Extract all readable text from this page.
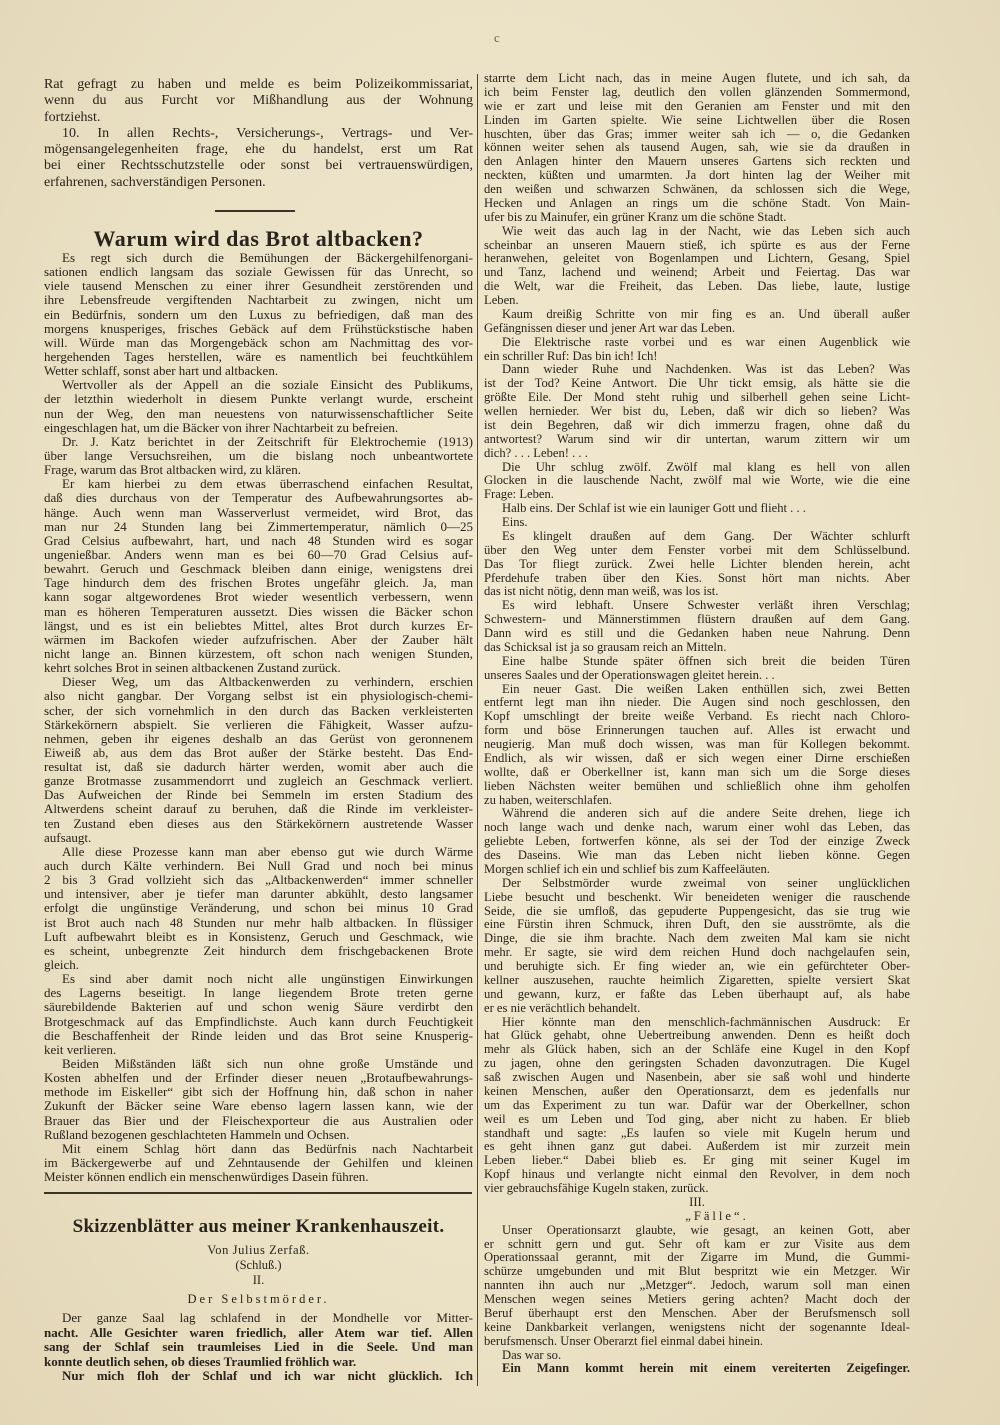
c
Rat gefragt zu haben und melde es beim Polizeikommissariat,
wenn du aus Furcht vor Mißhandlung aus der Wohnung
fortziehst.
10. In allen Rechts-, Versicherungs-, Vertrags- und Ver-
mögensangelegenheiten frage, ehe du handelst, erst um Rat
bei einer Rechtsschutzstelle oder sonst bei vertrauenswürdigen,
erfahrenen, sachverständigen Personen.
Warum wird das Brot altbacken?
Es regt sich durch die Bemühungen der Bäckergehilfenorgani-
sationen endlich langsam das soziale Gewissen für das Unrecht, so
viele tausend Menschen zu einer ihrer Gesundheit zerstörenden und
ihre Lebensfreude vergiftenden Nachtarbeit zu zwingen, nicht um
ein Bedürfnis, sondern um den Luxus zu befriedigen, daß man des
morgens knusperiges, frisches Gebäck auf dem Frühstückstische haben
will. Würde man das Morgengebäck schon am Nachmittag des vor-
hergehenden Tages herstellen, wäre es namentlich bei feuchtkühlem
Wetter schlaff, sonst aber hart und altbacken.
Wertvoller als der Appell an die soziale Einsicht des Publikums,
der letzthin wiederholt in diesem Punkte verlangt wurde, erscheint
nun der Weg, den man neuestens von naturwissenschaftlicher Seite
eingeschlagen hat, um die Bäcker von ihrer Nachtarbeit zu befreien.
Dr. J. Katz berichtet in der Zeitschrift für Elektrochemie (1913)
über lange Versuchsreihen, um die bislang noch unbeantwortete
Frage, warum das Brot altbacken wird, zu klären.
Er kam hierbei zu dem etwas überraschend einfachen Resultat,
daß dies durchaus von der Temperatur des Aufbewahrungsortes ab-
hänge. Auch wenn man Wasserverlust vermeidet, wird Brot, das
man nur 24 Stunden lang bei Zimmertemperatur, nämlich 0—25
Grad Celsius aufbewahrt, hart, und nach 48 Stunden wird es sogar
ungenießbar. Anders wenn man es bei 60—70 Grad Celsius auf-
bewahrt. Geruch und Geschmack bleiben dann einige, wenigstens drei
Tage hindurch dem des frischen Brotes ungefähr gleich. Ja, man
kann sogar altgewordenes Brot wieder wesentlich verbessern, wenn
man es höheren Temperaturen aussetzt. Dies wissen die Bäcker schon
längst, und es ist ein beliebtes Mittel, altes Brot durch kurzes Er-
wärmen im Backofen wieder aufzufrischen. Aber der Zauber hält
nicht lange an. Binnen kürzestem, oft schon nach wenigen Stunden,
kehrt solches Brot in seinen altbackenen Zustand zurück.
Dieser Weg, um das Altbackenwerden zu verhindern, erschien
also nicht gangbar. Der Vorgang selbst ist ein physiologisch-chemi-
scher, der sich vornehmlich in den durch das Backen verkleisterten
Stärkekörnern abspielt. Sie verlieren die Fähigkeit, Wasser aufzu-
nehmen, geben ihr eigenes deshalb an das Gerüst von geronnenem
Eiweiß ab, aus dem das Brot außer der Stärke besteht. Das End-
resultat ist, daß sie dadurch härter werden, womit aber auch die
ganze Brotmasse zusammendorrt und zugleich an Geschmack verliert.
Das Aufweichen der Rinde bei Semmeln im ersten Stadium des
Altwerdens scheint darauf zu beruhen, daß die Rinde im verkleister-
ten Zustand eben dieses aus den Stärkekörnern austretende Wasser
aufsaugt.
Alle diese Prozesse kann man aber ebenso gut wie durch Wärme
auch durch Kälte verhindern. Bei Null Grad und noch bei minus
2 bis 3 Grad vollzieht sich das „Altbackenwerden“ immer schneller
und intensiver, aber je tiefer man darunter abkühlt, desto langsamer
erfolgt die ungünstige Veränderung, und schon bei minus 10 Grad
ist Brot auch nach 48 Stunden nur mehr halb altbacken. In flüssiger
Luft aufbewahrt bleibt es in Konsistenz, Geruch und Geschmack, wie
es scheint, unbegrenzte Zeit hindurch dem frischgebackenen Brote
gleich.
Es sind aber damit noch nicht alle ungünstigen Einwirkungen
des Lagerns beseitigt. In lange liegendem Brote treten gerne
säurebildende Bakterien auf und schon wenig Säure verdirbt den
Brotgeschmack auf das Empfindlichste. Auch kann durch Feuchtigkeit
die Beschaffenheit der Rinde leiden und das Brot seine Knusperig-
keit verlieren.
Beiden Mißständen läßt sich nun ohne große Umstände und
Kosten abhelfen und der Erfinder dieser neuen „Brotaufbewahrungs-
methode im Eiskeller“ gibt sich der Hoffnung hin, daß schon in naher
Zukunft der Bäcker seine Ware ebenso lagern lassen kann, wie der
Brauer das Bier und der Fleischexporteur die aus Australien oder
Rußland bezogenen geschlachteten Hammeln und Ochsen.
Mit einem Schlag hört dann das Bedürfnis nach Nachtarbeit
im Bäckergewerbe auf und Zehntausende der Gehilfen und kleinen
Meister können endlich ein menschenwürdiges Dasein führen.
Skizzenblätter aus meiner Krankenhauszeit.
Von Julius Zerfaß.
(Schluß.)
II.
Der Selbstmörder.
Der ganze Saal lag schlafend in der Mondhelle vor Mitter-
nacht. Alle Gesichter waren friedlich, aller Atem war tief. Allen
sang der Schlaf sein traumleises Lied in die Seele. Und man
konnte deutlich sehen, ob dieses Traumlied fröhlich war.
Nur mich floh der Schlaf und ich war nicht glücklich. Ich
starrte dem Licht nach, das in meine Augen flutete, und ich sah, da
ich beim Fenster lag, deutlich den vollen glänzenden Sommermond,
wie er zart und leise mit den Geranien am Fenster und mit den
Linden im Garten spielte. Wie seine Lichtwellen über die Rosen
huschten, über das Gras; immer weiter sah ich — o, die Gedanken
können weiter sehen als tausend Augen, sah, wie sie da draußen in
den Anlagen hinter den Mauern unseres Gartens sich reckten und
neckten, küßten und umarmten. Ja dort hinten lag der Weiher mit
den weißen und schwarzen Schwänen, da schlossen sich die Wege,
Hecken und Anlagen an rings um die schöne Stadt. Von Main-
ufer bis zu Mainufer, ein grüner Kranz um die schöne Stadt.
Wie weit das auch lag in der Nacht, wie das Leben sich auch
scheinbar an unseren Mauern stieß, ich spürte es aus der Ferne
heranwehen, geleitet von Bogenlampen und Lichtern, Gesang, Spiel
und Tanz, lachend und weinend; Arbeit und Feiertag. Das war
die Welt, war die Freiheit, das Leben. Das liebe, laute, lustige
Leben.
Kaum dreißig Schritte von mir fing es an. Und überall außer
Gefängnissen dieser und jener Art war das Leben.
Die Elektrische raste vorbei und es war einen Augenblick wie
ein schriller Ruf: Das bin ich! Ich!
Dann wieder Ruhe und Nachdenken. Was ist das Leben? Was
ist der Tod? Keine Antwort. Die Uhr tickt emsig, als hätte sie die
größte Eile. Der Mond steht ruhig und silberhell gehen seine Licht-
wellen hernieder. Wer bist du, Leben, daß wir dich so lieben? Was
ist dein Begehren, daß wir dich immerzu fragen, ohne daß du
antwortest? Warum sind wir dir untertan, warum zittern wir um
dich? . . . Leben! . . .
Die Uhr schlug zwölf. Zwölf mal klang es hell von allen
Glocken in die lauschende Nacht, zwölf mal wie Worte, wie die eine
Frage: Leben.
Halb eins. Der Schlaf ist wie ein launiger Gott und flieht . . .
Eins.
Es klingelt draußen auf dem Gang. Der Wächter schlurft
über den Weg unter dem Fenster vorbei mit dem Schlüsselbund.
Das Tor fliegt zurück. Zwei helle Lichter blenden herein, acht
Pferdehufe traben über den Kies. Sonst hört man nichts. Aber
das ist nicht nötig, denn man weiß, was los ist.
Es wird lebhaft. Unsere Schwester verläßt ihren Verschlag;
Schwestern- und Männerstimmen flüstern draußen auf dem Gang.
Dann wird es still und die Gedanken haben neue Nahrung. Denn
das Schicksal ist ja so grausam reich an Mitteln.
Eine halbe Stunde später öffnen sich breit die beiden Türen
unseres Saales und der Operationswagen gleitet herein. . .
Ein neuer Gast. Die weißen Laken enthüllen sich, zwei Betten
entfernt legt man ihn nieder. Die Augen sind noch geschlossen, den
Kopf umschlingt der breite weiße Verband. Es riecht nach Chloro-
form und böse Erinnerungen tauchen auf. Alles ist erwacht und
neugierig. Man muß doch wissen, was man für Kollegen bekommt.
Endlich, als wir wissen, daß er sich wegen einer Dirne erschießen
wollte, daß er Oberkellner ist, kann man sich um die Sorge dieses
lieben Nächsten weiter bemühen und schließlich ohne ihm geholfen
zu haben, weiterschlafen.
Während die anderen sich auf die andere Seite drehen, liege ich
noch lange wach und denke nach, warum einer wohl das Leben, das
geliebte Leben, fortwerfen könne, als sei der Tod der einzige Zweck
des Daseins. Wie man das Leben nicht lieben könne. Gegen
Morgen schlief ich ein und schlief bis zum Kaffeeläuten.
Der Selbstmörder wurde zweimal von seiner unglücklichen
Liebe besucht und beschenkt. Wir beneideten weniger die rauschende
Seide, die sie umfloß, das gepuderte Puppengesicht, das sie trug wie
eine Fürstin ihren Schmuck, ihren Duft, den sie ausströmte, als die
Dinge, die sie ihm brachte. Nach dem zweiten Mal kam sie nicht
mehr. Er sagte, sie wird dem reichen Hund doch nachgelaufen sein,
und beruhigte sich. Er fing wieder an, wie ein gefürchteter Ober-
kellner auszusehen, rauchte heimlich Zigaretten, spielte versiert Skat
und gewann, kurz, er faßte das Leben überhaupt auf, als habe
er es nie verächtlich behandelt.
Hier könnte man den menschlich-fachmännischen Ausdruck: Er
hat Glück gehabt, ohne Uebertreibung anwenden. Denn es heißt doch
mehr als Glück haben, sich an der Schläfe eine Kugel in den Kopf
zu jagen, ohne den geringsten Schaden davonzutragen. Die Kugel
saß zwischen Augen und Nasenbein, aber sie saß wohl und hinderte
keinen Menschen, außer den Operationsarzt, dem es jedenfalls nur
um das Experiment zu tun war. Dafür war der Oberkellner, schon
weil es um Leben und Tod ging, aber nicht zu haben. Er blieb
standhaft und sagte: „Es laufen so viele mit Kugeln herum und
es geht ihnen ganz gut dabei. Außerdem ist mir zurzeit mein
Leben lieber.“ Dabei blieb es. Er ging mit seiner Kugel im
Kopf hinaus und verlangte nicht einmal den Revolver, in dem noch
vier gebrauchsfähige Kugeln staken, zurück.
III.
„Fälle“.
Unser Operationsarzt glaubte, wie gesagt, an keinen Gott, aber
er schnitt gern und gut. Sehr oft kam er zur Visite aus dem
Operationssaal gerannt, mit der Zigarre im Mund, die Gummi-
schürze umgebunden und mit Blut bespritzt wie ein Metzger. Wir
nannten ihn auch nur „Metzger“. Jedoch, warum soll man einen
Menschen wegen seines Metiers gering achten? Macht doch der
Beruf überhaupt erst den Menschen. Aber der Berufsmensch soll
keine Dankbarkeit verlangen, wenigstens nicht der sogenannte Ideal-
berufsmensch. Unser Oberarzt fiel einmal dabei hinein.
Das war so.
Ein Mann kommt herein mit einem vereiterten Zeigefinger.
